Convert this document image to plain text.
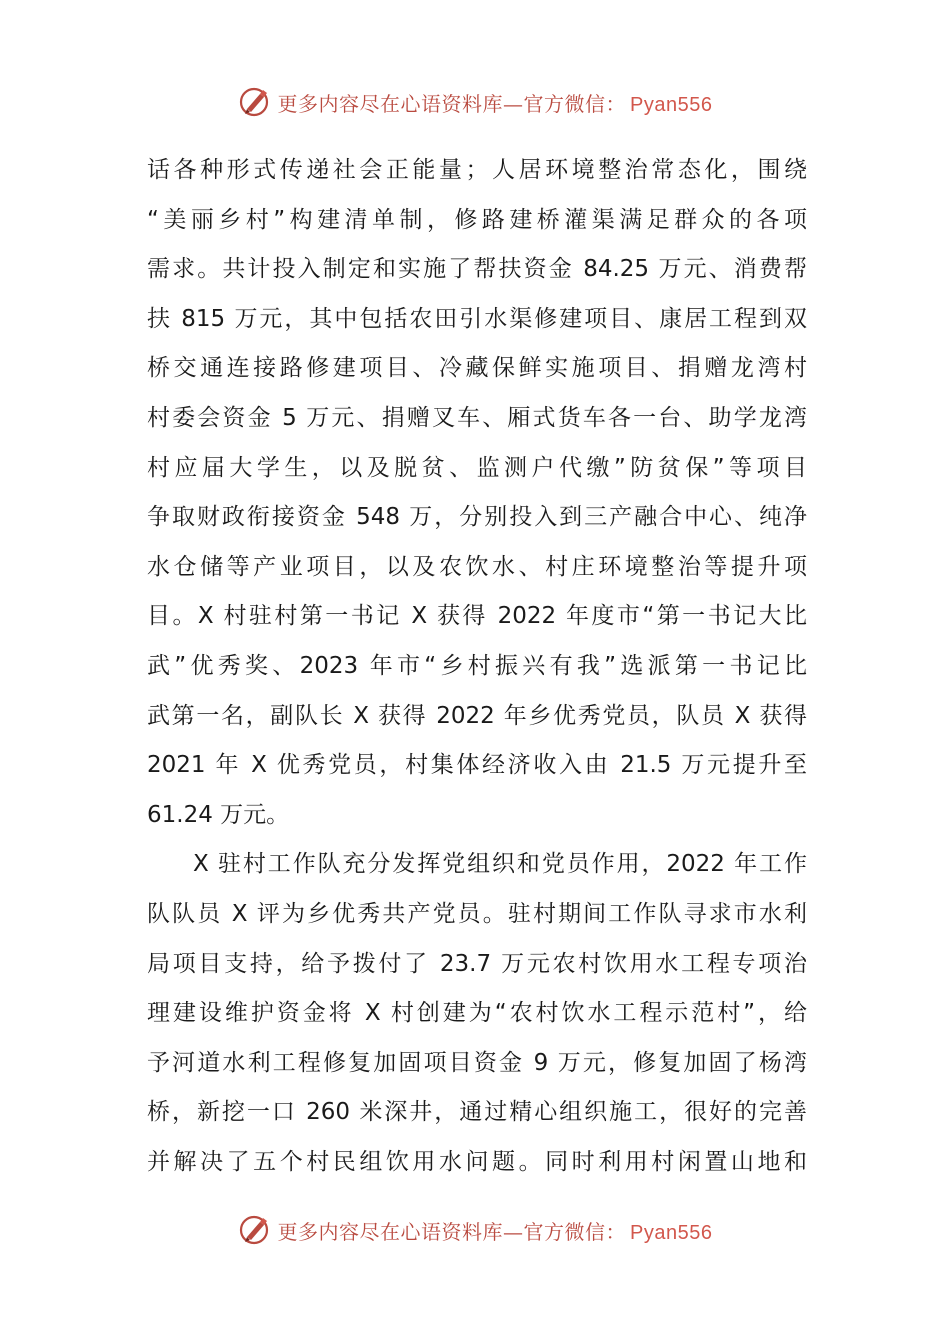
更多内容尽在心语资料库—官方微信： Pyan556
话各种形式传递社会正能量；人居环境整治常态化，围绕
“美丽乡村”构建清单制，修路建桥灌渠满足群众的各项
需求。共计投入制定和实施了帮扶资金 84.25 万元、消费帮
扶 815 万元，其中包括农田引水渠修建项目、康居工程到双
桥交通连接路修建项目、冷藏保鲜实施项目、捐赠龙湾村
村委会资金 5 万元、捐赠叉车、厢式货车各一台、助学龙湾
村应届大学生，以及脱贫、监测户代缴”防贫保”等项目
争取财政衔接资金 548 万，分别投入到三产融合中心、纯净
水仓储等产业项目，以及农饮水、村庄环境整治等提升项
目。X 村驻村第一书记 X 获得 2022 年度市“第一书记大比
武”优秀奖、2023 年市“乡村振兴有我”选派第一书记比
武第一名，副队长 X 获得 2022 年乡优秀党员，队员 X 获得
2021 年 X 优秀党员，村集体经济收入由 21.5 万元提升至
61.24 万元。
X 驻村工作队充分发挥党组织和党员作用，2022 年工作
队队员 X 评为乡优秀共产党员。驻村期间工作队寻求市水利
局项目支持，给予拨付了 23.7 万元农村饮用水工程专项治
理建设维护资金将 X 村创建为“农村饮水工程示范村”，给
予河道水利工程修复加固项目资金 9 万元，修复加固了杨湾
桥，新挖一口 260 米深井，通过精心组织施工，很好的完善
并解决了五个村民组饮用水问题。同时利用村闲置山地和
更多内容尽在心语资料库—官方微信： Pyan556
